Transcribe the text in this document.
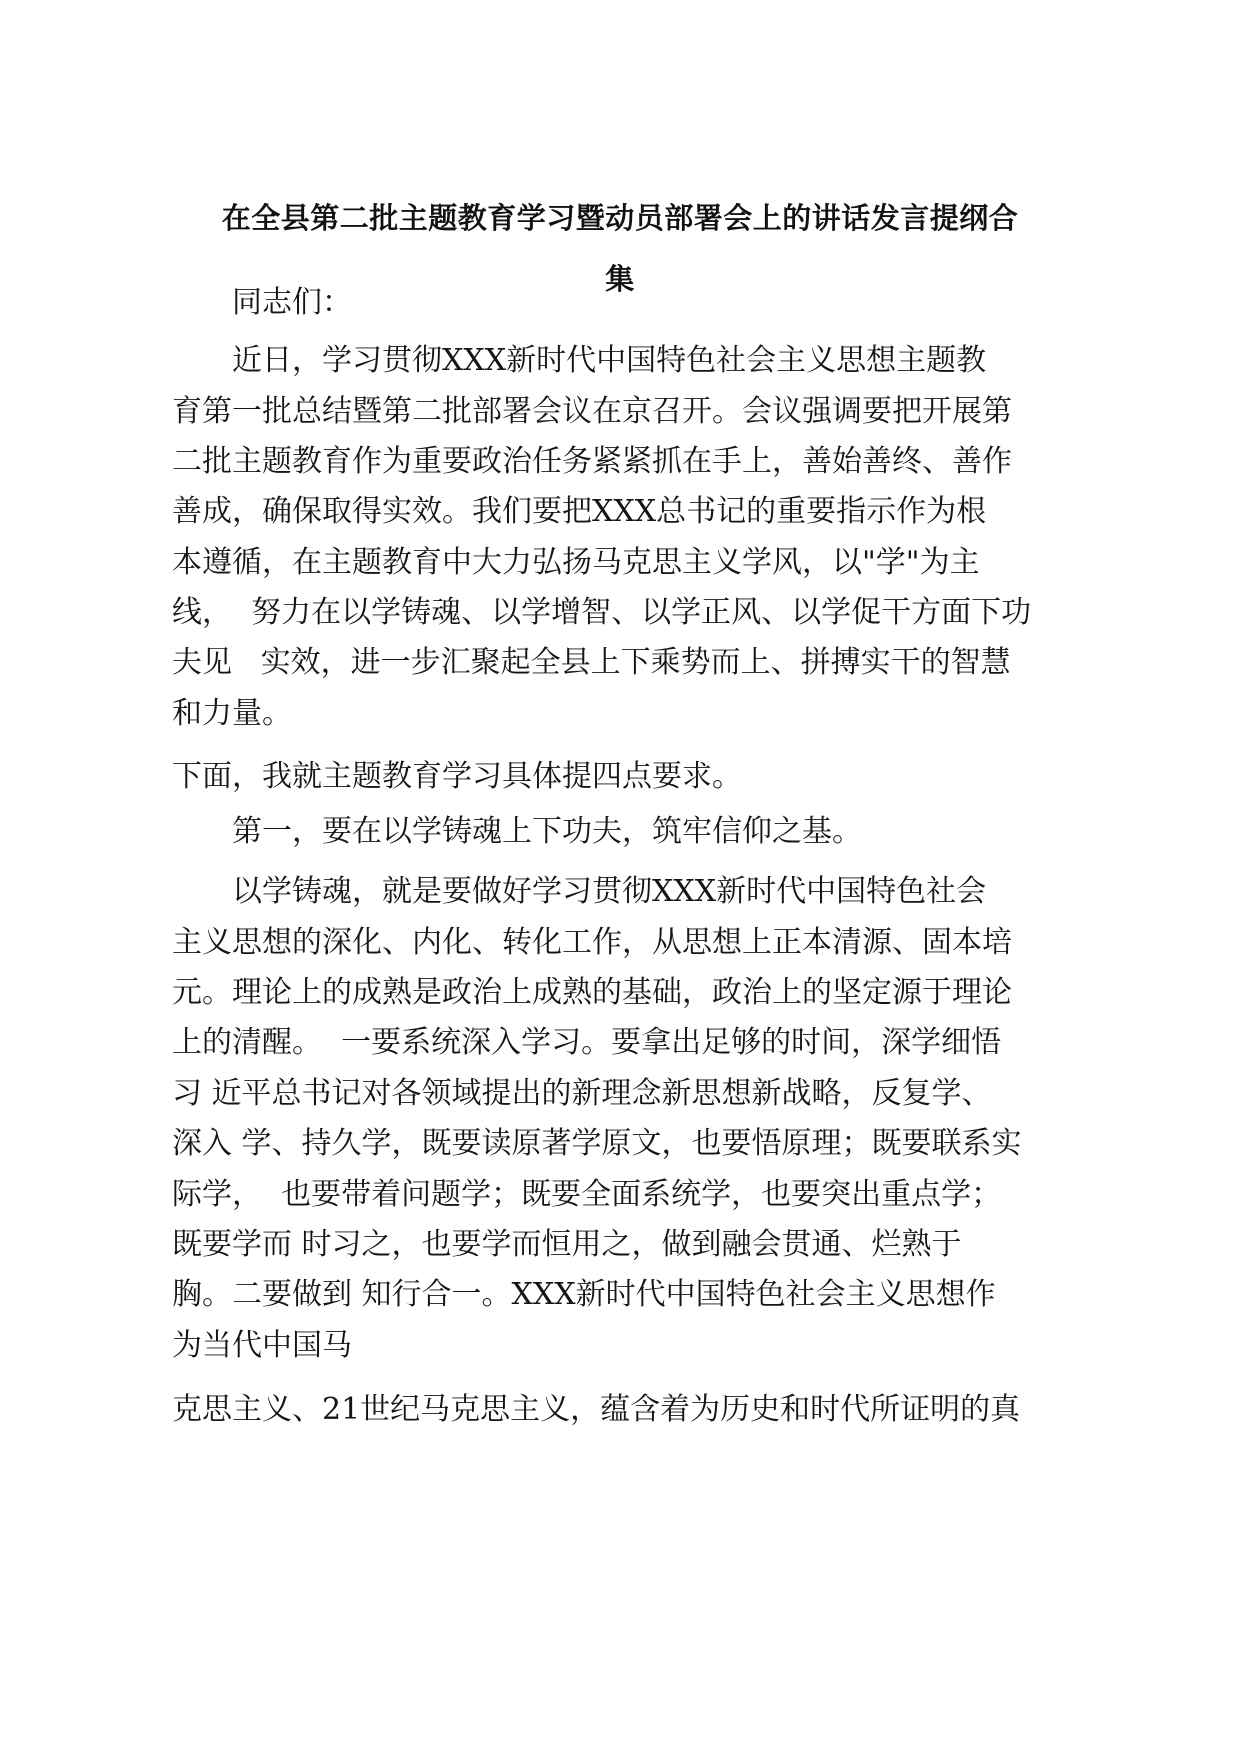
在全县第二批主题教育学习暨动员部署会上的讲话发言提纲合
集
同志们：
近日，学习贯彻XXX新时代中国特色社会主义思想主题教
育第一批总结暨第二批部署会议在京召开。会议强调要把开展第
二批主题教育作为重要政治任务紧紧抓在手上，善始善终、善作
善成，确保取得实效。我们要把XXX总书记的重要指示作为根
本遵循，在主题教育中大力弘扬马克思主义学风，以"学"为主
线，  努力在以学铸魂、以学增智、以学正风、以学促干方面下功
夫见   实效，进一步汇聚起全县上下乘势而上、拼搏实干的智慧
和力量。
下面，我就主题教育学习具体提四点要求。
第一，要在以学铸魂上下功夫，筑牢信仰之基。
以学铸魂，就是要做好学习贯彻XXX新时代中国特色社会
主义思想的深化、内化、转化工作，从思想上正本清源、固本培
元。理论上的成熟是政治上成熟的基础，政治上的坚定源于理论
上的清醒。  一要系统深入学习。要拿出足够的时间，深学细悟
习 近平总书记对各领域提出的新理念新思想新战略，反复学、
深入 学、持久学，既要读原著学原文，也要悟原理；既要联系实
际学，  也要带着问题学；既要全面系统学，也要突出重点学；
既要学而 时习之，也要学而恒用之，做到融会贯通、烂熟于
胸。二要做到 知行合一。XXX新时代中国特色社会主义思想作
为当代中国马
克思主义、21世纪马克思主义，蕴含着为历史和时代所证明的真
